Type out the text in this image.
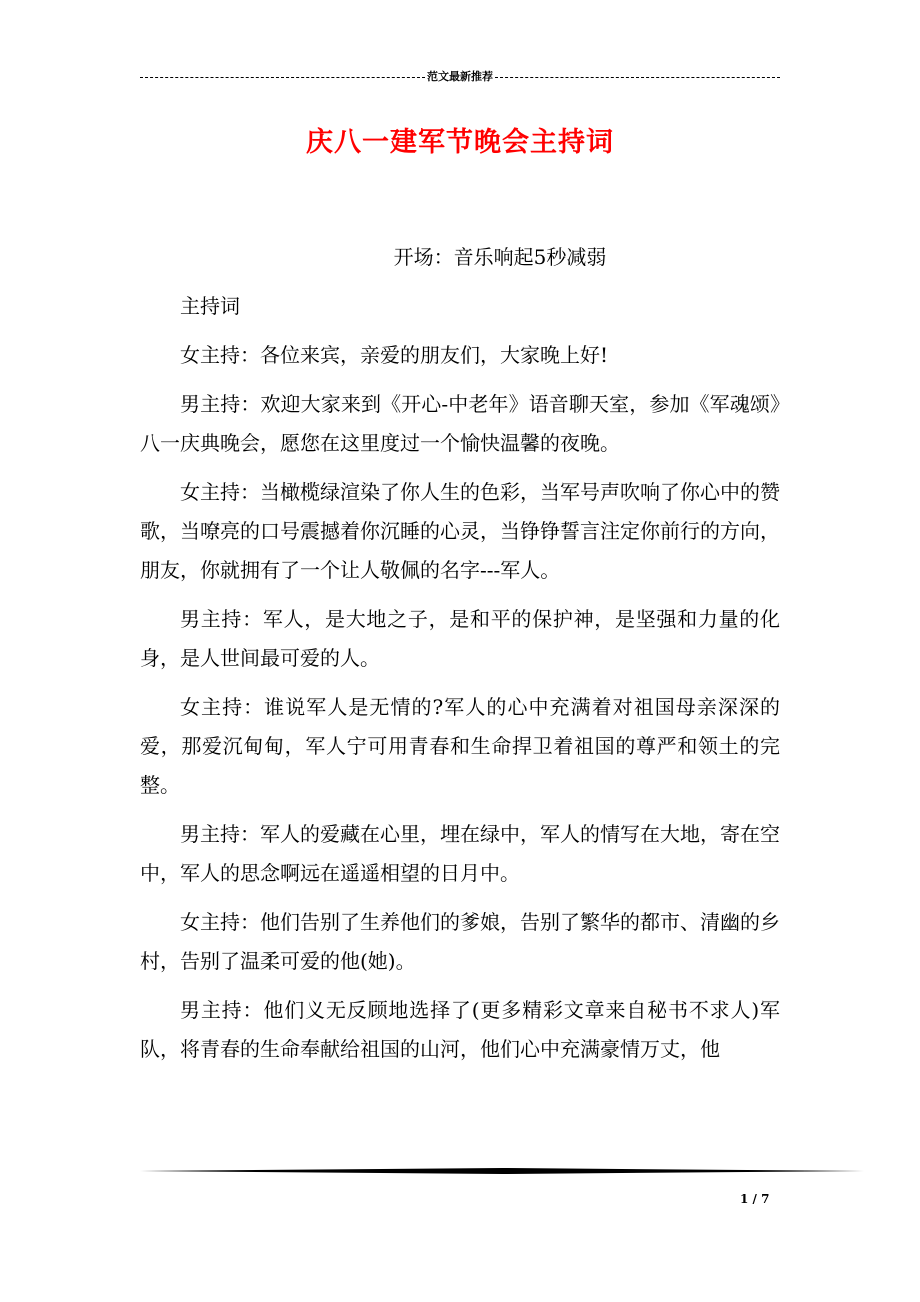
范文最新推荐
庆八一建军节晚会主持词

开场：音乐响起5秒减弱

主持词

女主持：各位来宾，亲爱的朋友们，大家晚上好!

男主持：欢迎大家来到《开心-中老年》语音聊天室，参加《军魂颂》八一庆典晚会，愿您在这里度过一个愉快温馨的夜晚。

女主持：当橄榄绿渲染了你人生的色彩，当军号声吹响了你心中的赞歌，当嘹亮的口号震撼着你沉睡的心灵，当铮铮誓言注定你前行的方向，朋友，你就拥有了一个让人敬佩的名字---军人。

男主持：军人，是大地之子，是和平的保护神，是坚强和力量的化身，是人世间最可爱的人。

女主持：谁说军人是无情的?军人的心中充满着对祖国母亲深深的爱，那爱沉甸甸，军人宁可用青春和生命捍卫着祖国的尊严和领土的完整。

男主持：军人的爱藏在心里，埋在绿中，军人的情写在大地，寄在空中，军人的思念啊远在遥遥相望的日月中。

女主持：他们告别了生养他们的爹娘，告别了繁华的都市、清幽的乡村，告别了温柔可爱的他(她)。

男主持：他们义无反顾地选择了(更多精彩文章来自秘书不求人)军队，将青春的生命奉献给祖国的山河，他们心中充满豪情万丈，他

1 / 7
